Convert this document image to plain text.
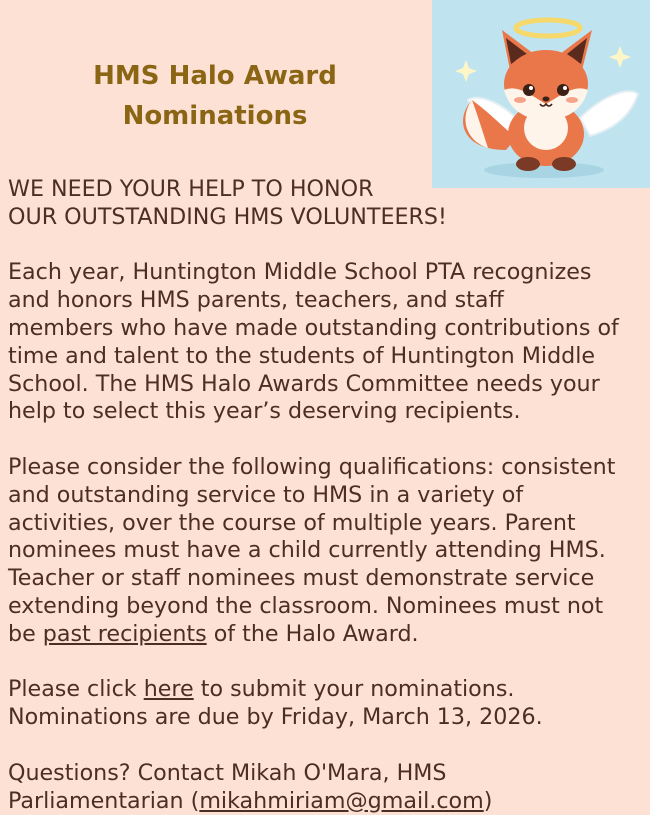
HMS Halo Award
Nominations
WE NEED YOUR HELP TO HONOR
OUR OUTSTANDING HMS VOLUNTEERS!
Each year, Huntington Middle School PTA recognizes
and honors HMS parents, teachers, and staff
members who have made outstanding contributions of
time and talent to the students of Huntington Middle
School. The HMS Halo Awards Committee needs your
help to select this year’s deserving recipients.
Please consider the following qualifications: consistent
and outstanding service to HMS in a variety of
activities, over the course of multiple years. Parent
nominees must have a child currently attending HMS.
Teacher or staff nominees must demonstrate service
extending beyond the classroom. Nominees must not
be past recipients of the Halo Award.
Please click here to submit your nominations.
Nominations are due by Friday, March 13, 2026.
Questions? Contact Mikah O'Mara, HMS
Parliamentarian (mikahmiriam@gmail.com)
